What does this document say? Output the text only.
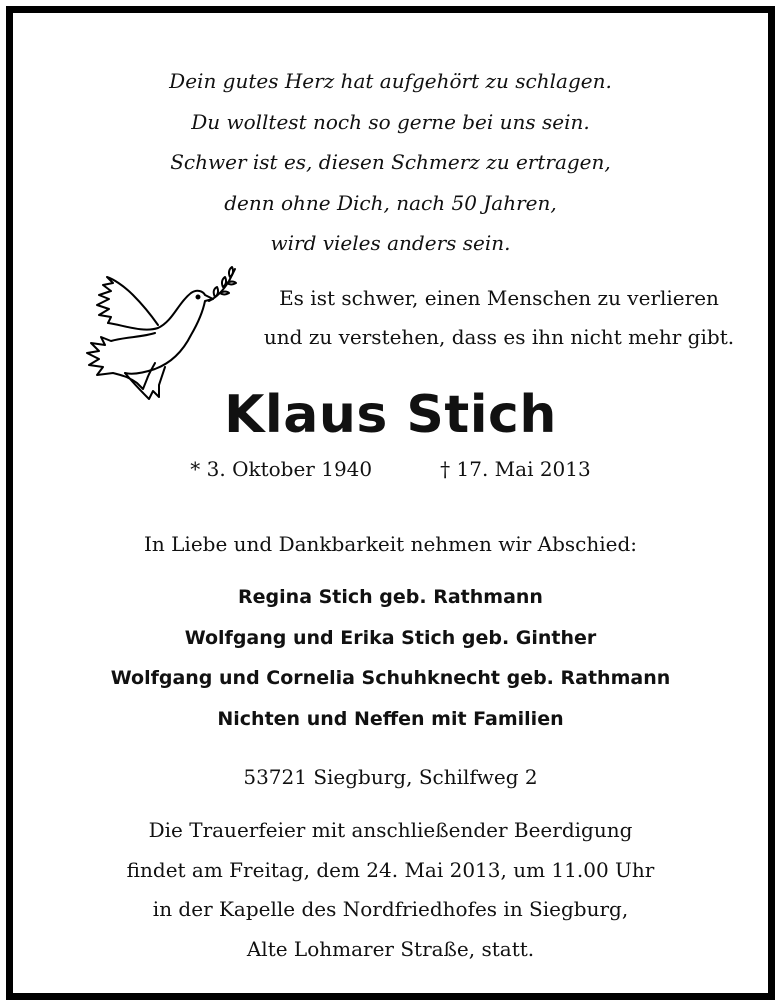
Dein gutes Herz hat aufgehört zu schlagen.
Du wolltest noch so gerne bei uns sein.
Schwer ist es, diesen Schmerz zu ertragen,
denn ohne Dich, nach 50 Jahren,
wird vieles anders sein.
Es ist schwer, einen Menschen zu verlieren
und zu verstehen, dass es ihn nicht mehr gibt.
Klaus Stich
* 3. Oktober 1940	† 17. Mai 2013
In Liebe und Dankbarkeit nehmen wir Abschied:
Regina Stich geb. Rathmann
Wolfgang und Erika Stich geb. Ginther
Wolfgang und Cornelia Schuhknecht geb. Rathmann
Nichten und Neffen mit Familien
53721 Siegburg, Schilfweg 2
Die Trauerfeier mit anschließender Beerdigung
findet am Freitag, dem 24. Mai 2013, um 11.00 Uhr
in der Kapelle des Nordfriedhofes in Siegburg,
Alte Lohmarer Straße, statt.
